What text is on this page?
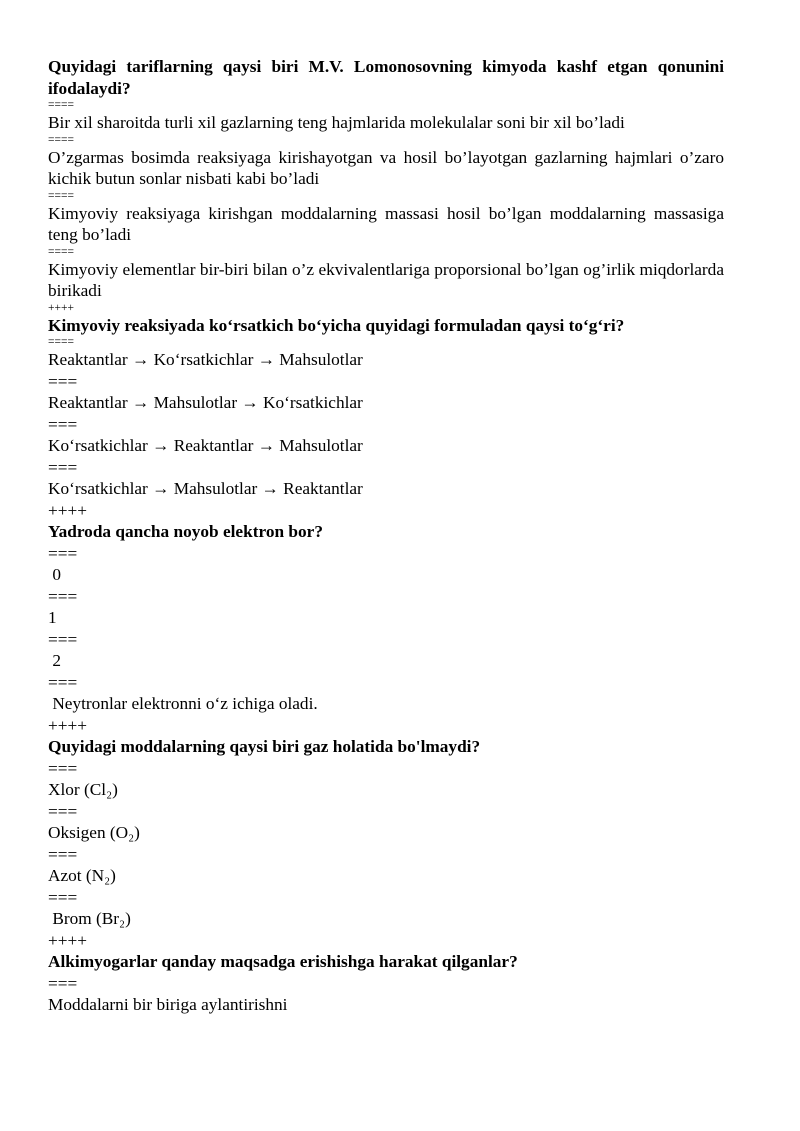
Quyidagi tariflarning qaysi biri M.V. Lomonosovning kimyoda kashf etgan qonunini ifodalaydi?
====
Bir xil sharoitda turli xil gazlarning teng hajmlarida molekulalar soni bir xil bo’ladi
====
O’zgarmas bosimda reaksiyaga kirishayotgan va hosil bo’layotgan gazlarning hajmlari o’zaro kichik butun sonlar nisbati kabi bo’ladi
====
Kimyoviy reaksiyaga kirishgan moddalarning massasi hosil bo’lgan moddalarning massasiga teng bo’ladi
====
Kimyoviy elementlar bir-biri bilan o’z ekvivalentlariga proporsional bo’lgan og’irlik miqdorlarda birikadi
++++
Kimyoviy reaksiyada koʻrsatkich boʻyicha quyidagi formuladan qaysi toʻgʻri?
====
Reaktantlar → Koʻrsatkichlar → Mahsulotlar
===
Reaktantlar → Mahsulotlar → Koʻrsatkichlar
===
Koʻrsatkichlar → Reaktantlar → Mahsulotlar
===
Koʻrsatkichlar → Mahsulotlar → Reaktantlar
++++
Yadroda qancha noyob elektron bor?
===
0
===
1
===
2
===
Neytronlar elektronni oʻz ichiga oladi.
++++
Quyidagi moddalarning qaysi biri gaz holatida bo'lmaydi?
===
Xlor (Cl₂)
===
Oksigen (O₂)
===
Azot (N₂)
===
Brom (Br₂)
++++
Alkimyogarlar qanday maqsadga erishishga harakat qilganlar?
===
Moddalarni bir biriga aylantirishni
